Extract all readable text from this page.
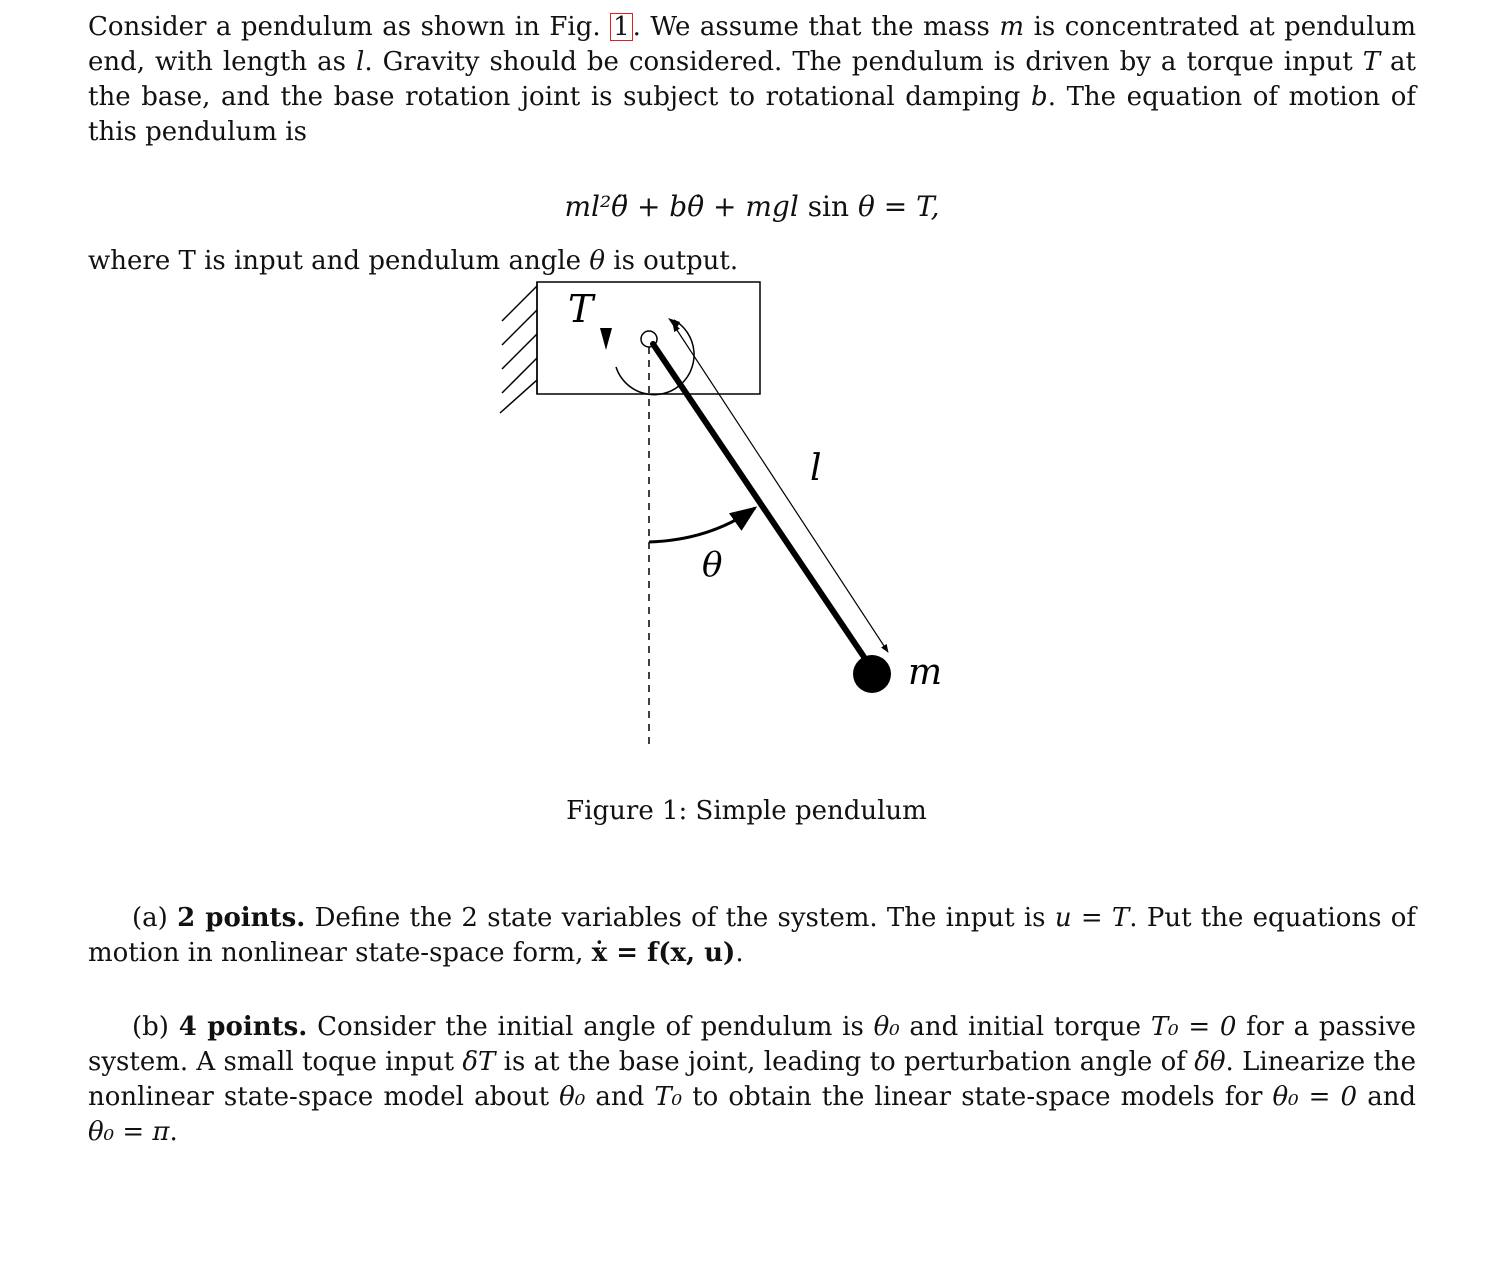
Consider a pendulum as shown in Fig. 1 . We assume that the mass m is concentrated at pendulum end, with length as l. Gravity should be considered. The pendulum is driven by a torque input T at the base, and the base rotation joint is subject to rotational damping b. The equation of motion of this pendulum is

ml²θ̈ + bθ̇ + mgl sin θ = T,

where T is input and pendulum angle θ is output.

T
l
θ
m
Figure 1: Simple pendulum

(a) 2 points. Define the 2 state variables of the system. The input is u = T. Put the equations of motion in nonlinear state-space form, ẋ = f(x, u).

(b) 4 points. Consider the initial angle of pendulum is θ₀ and initial torque T₀ = 0 for a passive system. A small toque input δT is at the base joint, leading to perturbation angle of δθ. Linearize the nonlinear state-space model about θ₀ and T₀ to obtain the linear state-space models for θ₀ = 0 and θ₀ = π.
